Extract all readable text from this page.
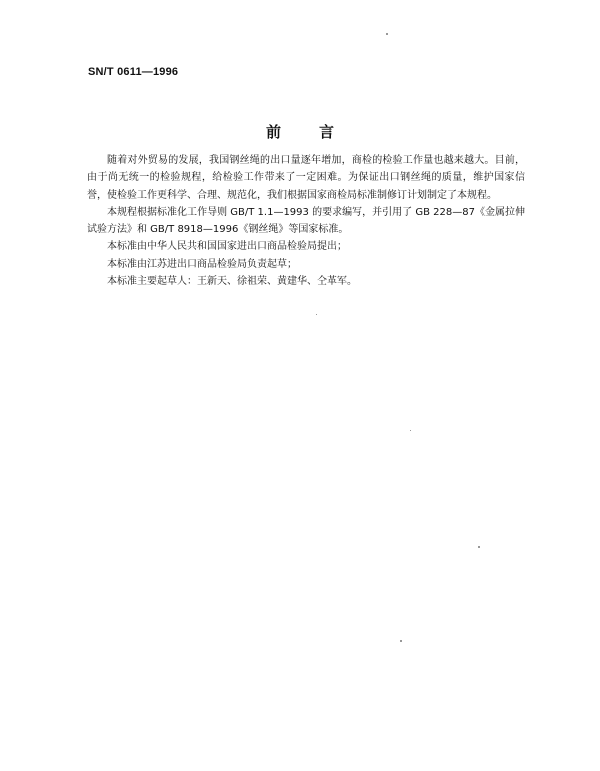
SN/T 0611—1996
前	言

随着对外贸易的发展，我国钢丝绳的出口量逐年增加，商检的检验工作量也越来越大。目前，由于尚无统一的检验规程，给检验工作带来了一定困难。为保证出口钢丝绳的质量，维护国家信誉，使检验工作更科学、合理、规范化，我们根据国家商检局标准制修订计划制定了本规程。

本规程根据标准化工作导则 GB/T 1.1—1993 的要求编写，并引用了 GB 228—87《金属拉伸试验方法》和 GB/T 8918—1996《钢丝绳》等国家标准。

本标准由中华人民共和国国家进出口商品检验局提出；

本标准由江苏进出口商品检验局负责起草；

本标准主要起草人：王新天、徐祖荣、黄建华、仝革军。
